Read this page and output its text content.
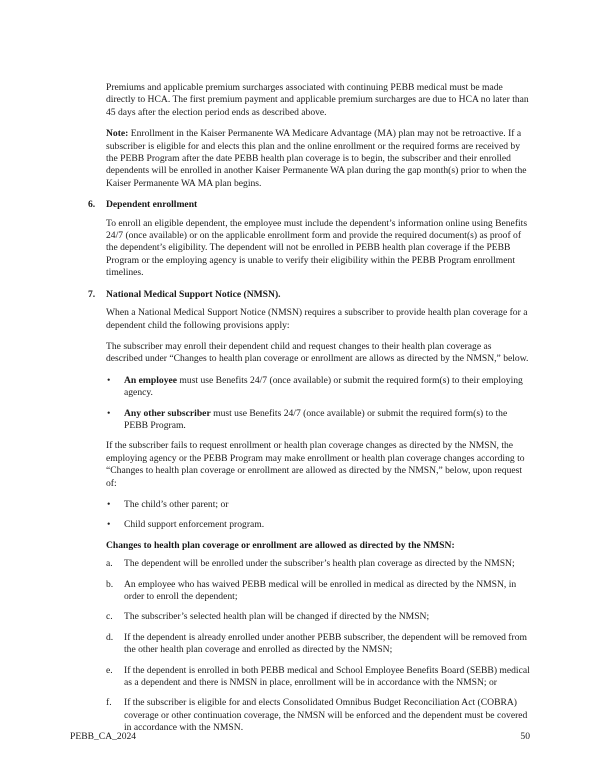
Premiums and applicable premium surcharges associated with continuing PEBB medical must be made directly to HCA. The first premium payment and applicable premium surcharges are due to HCA no later than 45 days after the election period ends as described above.

Note: Enrollment in the Kaiser Permanente WA Medicare Advantage (MA) plan may not be retroactive. If a subscriber is eligible for and elects this plan and the online enrollment or the required forms are received by the PEBB Program after the date PEBB health plan coverage is to begin, the subscriber and their enrolled dependents will be enrolled in another Kaiser Permanente WA plan during the gap month(s) prior to when the Kaiser Permanente WA MA plan begins.

6.	Dependent enrollment

To enroll an eligible dependent, the employee must include the dependent’s information online using Benefits 24/7 (once available) or on the applicable enrollment form and provide the required document(s) as proof of the dependent’s eligibility. The dependent will not be enrolled in PEBB health plan coverage if the PEBB Program or the employing agency is unable to verify their eligibility within the PEBB Program enrollment timelines.

7.	National Medical Support Notice (NMSN).

When a National Medical Support Notice (NMSN) requires a subscriber to provide health plan coverage for a dependent child the following provisions apply:

The subscriber may enroll their dependent child and request changes to their health plan coverage as described under “Changes to health plan coverage or enrollment are allows as directed by the NMSN,” below.

• An employee must use Benefits 24/7 (once available) or submit the required form(s) to their employing agency.
• Any other subscriber must use Benefits 24/7 (once available) or submit the required form(s) to the PEBB Program.

If the subscriber fails to request enrollment or health plan coverage changes as directed by the NMSN, the employing agency or the PEBB Program may make enrollment or health plan coverage changes according to “Changes to health plan coverage or enrollment are allowed as directed by the NMSN,” below, upon request of:

• The child’s other parent; or
• Child support enforcement program.

Changes to health plan coverage or enrollment are allowed as directed by the NMSN:

a.	The dependent will be enrolled under the subscriber’s health plan coverage as directed by the NMSN;
b.	An employee who has waived PEBB medical will be enrolled in medical as directed by the NMSN, in order to enroll the dependent;
c.	The subscriber’s selected health plan will be changed if directed by the NMSN;
d.	If the dependent is already enrolled under another PEBB subscriber, the dependent will be removed from the other health plan coverage and enrolled as directed by the NMSN;
e.	If the dependent is enrolled in both PEBB medical and School Employee Benefits Board (SEBB) medical as a dependent and there is NMSN in place, enrollment will be in accordance with the NMSN; or
f.	If the subscriber is eligible for and elects Consolidated Omnibus Budget Reconciliation Act (COBRA) coverage or other continuation coverage, the NMSN will be enforced and the dependent must be covered in accordance with the NMSN.
PEBB_CA_2024	50
